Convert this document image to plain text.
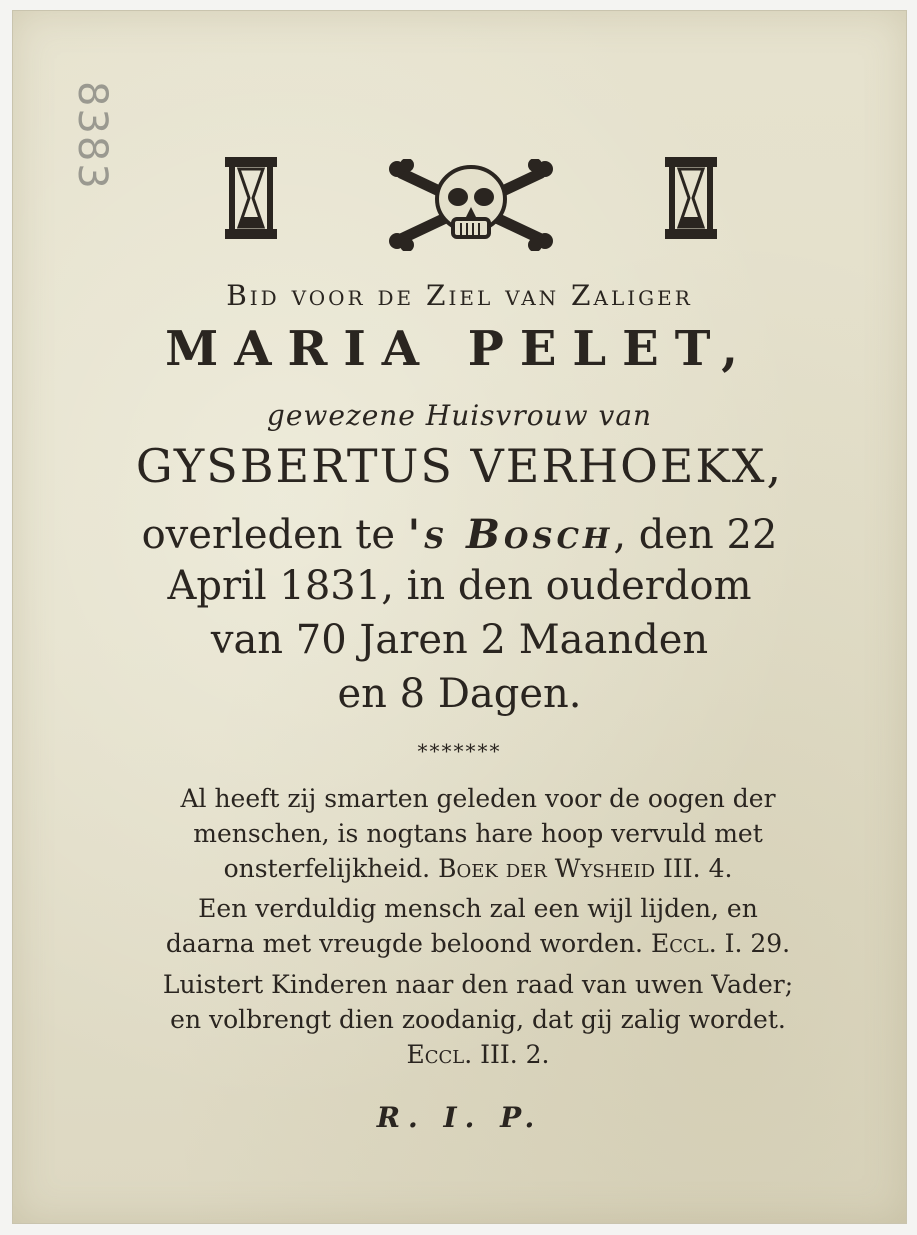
8383
Bid voor de Ziel van Zaliger
MARIA PELET,
gewezene Huisvrouw van
GYSBERTUS VERHOEKX,
overleden te 's Bosch, den 22
April 1831, in den ouderdom
van 70 Jaren 2 Maanden
en 8 Dagen.
*******
Al heeft zij smarten geleden voor de oogen der
menschen, is nogtans hare hoop vervuld met
onsterfelijkheid. Boek der Wysheid III. 4.
Een verduldig mensch zal een wijl lijden, en
daarna met vreugde beloond worden. Eccl. I. 29.
Luistert Kinderen naar den raad van uwen Vader;
en volbrengt dien zoodanig, dat gij zalig wordet.
Eccl. III. 2.
R. I. P.
